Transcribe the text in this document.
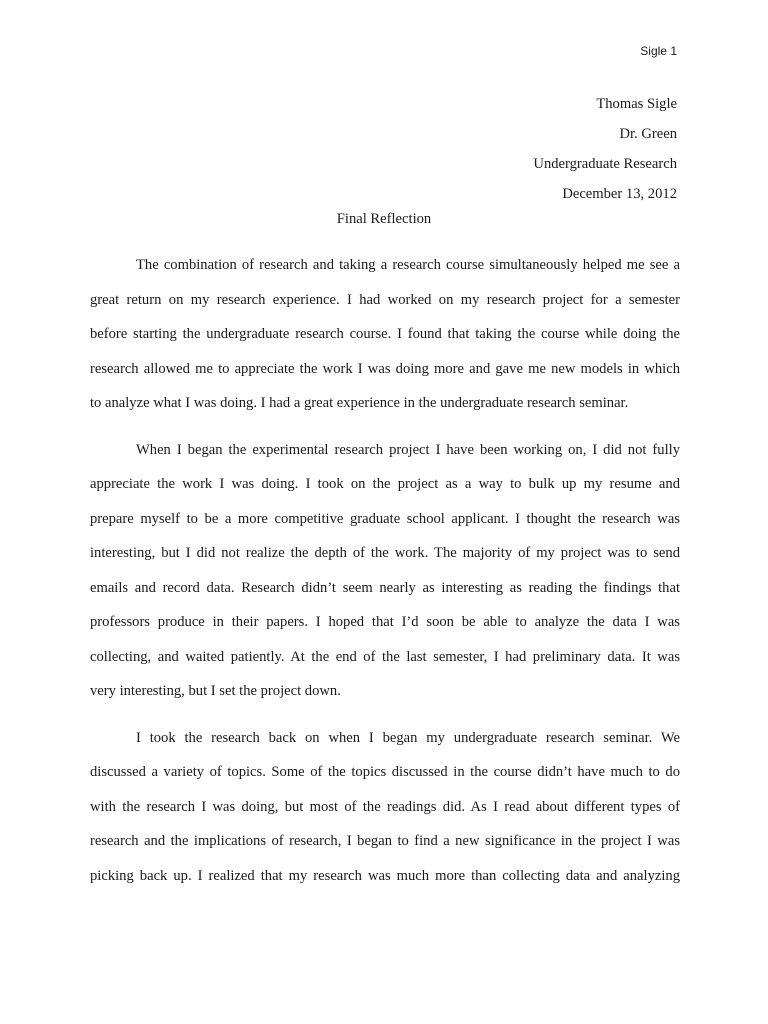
Sigle 1
Thomas Sigle
Dr. Green
Undergraduate Research
December 13, 2012
Final Reflection
The combination of research and taking a research course simultaneously helped me see a
great return on my research experience. I had worked on my research project for a semester
before starting the undergraduate research course. I found that taking the course while doing the
research allowed me to appreciate the work I was doing more and gave me new models in which
to analyze what I was doing. I had a great experience in the undergraduate research seminar.
When I began the experimental research project I have been working on, I did not fully
appreciate the work I was doing. I took on the project as a way to bulk up my resume and
prepare myself to be a more competitive graduate school applicant. I thought the research was
interesting, but I did not realize the depth of the work. The majority of my project was to send
emails and record data. Research didn’t seem nearly as interesting as reading the findings that
professors produce in their papers. I hoped that I’d soon be able to analyze the data I was
collecting, and waited patiently. At the end of the last semester, I had preliminary data. It was
very interesting, but I set the project down.
I took the research back on when I began my undergraduate research seminar. We
discussed a variety of topics. Some of the topics discussed in the course didn’t have much to do
with the research I was doing, but most of the readings did. As I read about different types of
research and the implications of research, I began to find a new significance in the project I was
picking back up. I realized that my research was much more than collecting data and analyzing
